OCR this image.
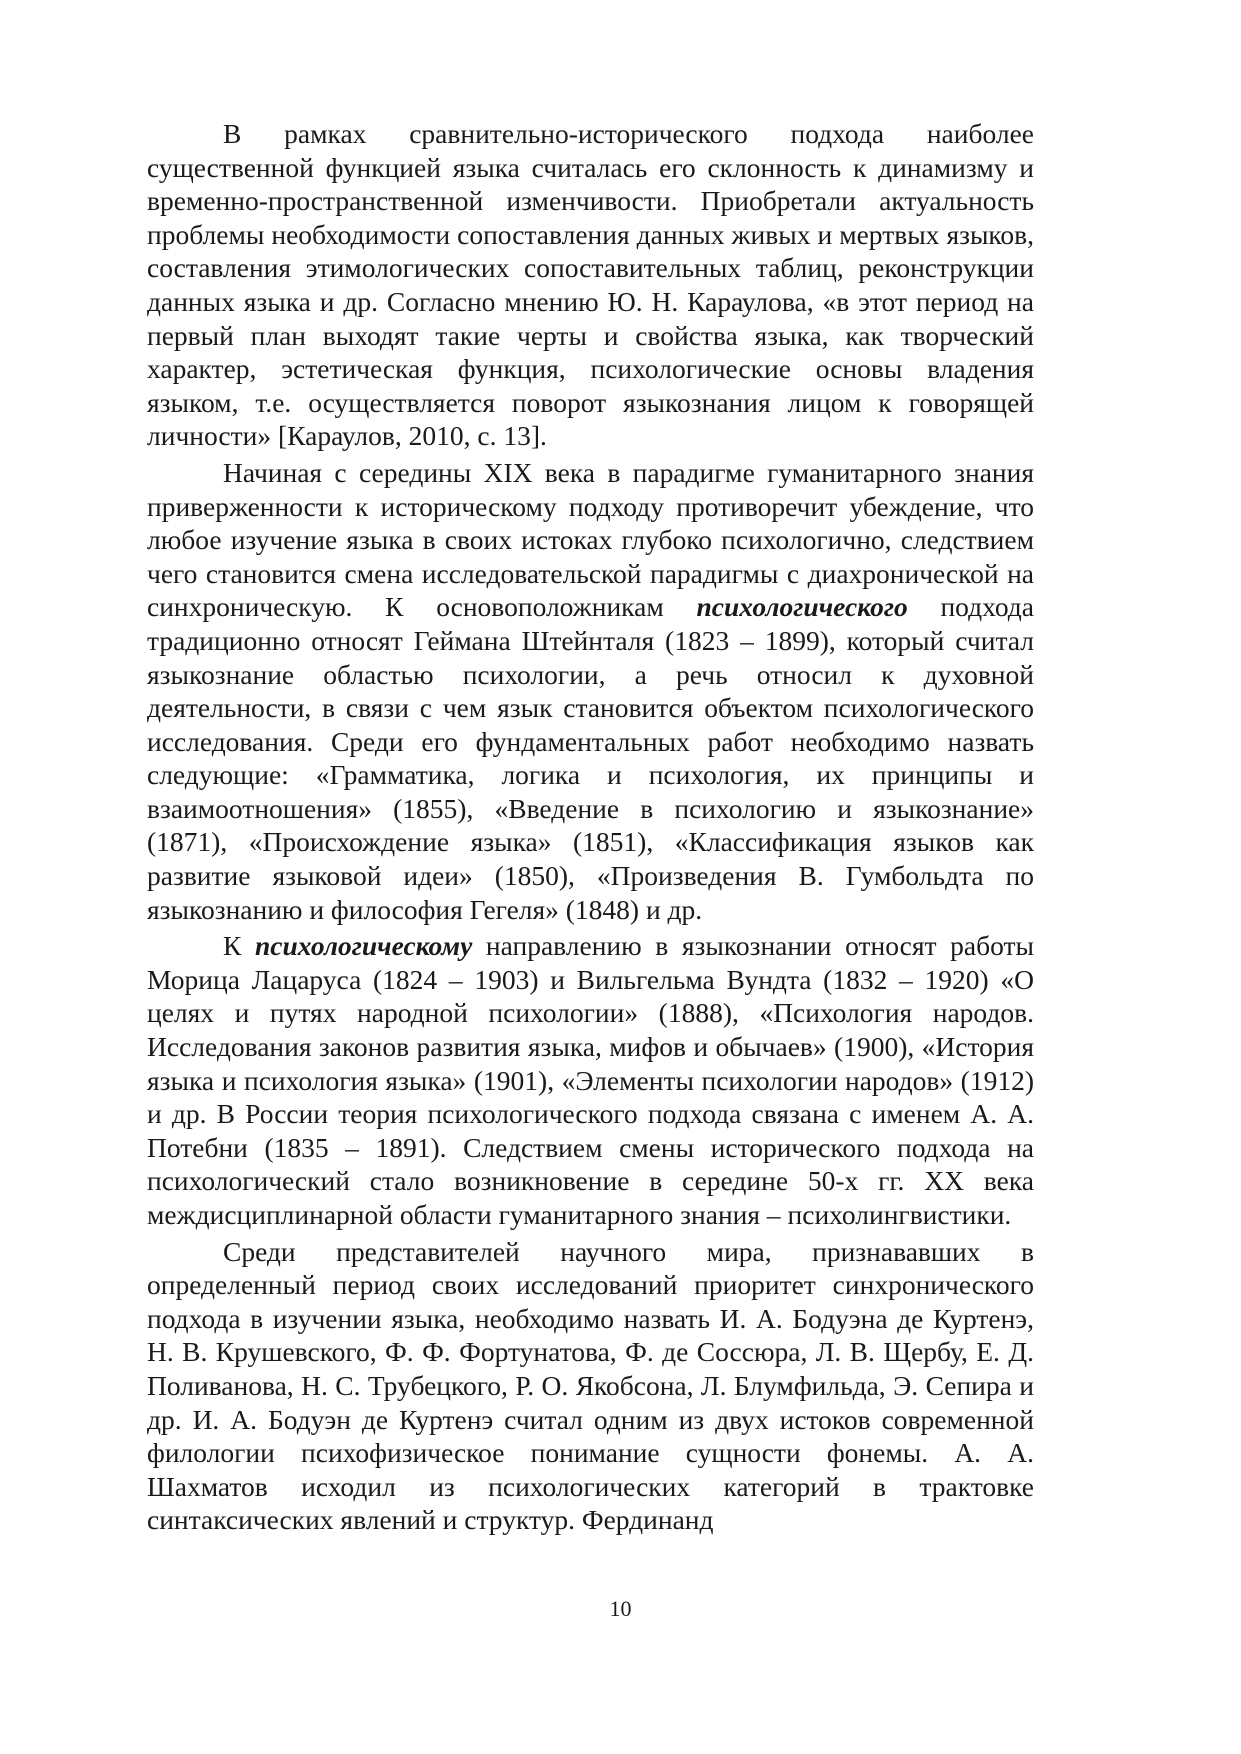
В рамках сравнительно-исторического подхода наиболее существенной функцией языка считалась его склонность к динамизму и временно-пространственной изменчивости. Приобретали актуальность проблемы необходимости сопоставления данных живых и мертвых языков, составления этимологических сопоставительных таблиц, реконструкции данных языка и др. Согласно мнению Ю. Н. Караулова, «в этот период на первый план выходят такие черты и свойства языка, как творческий характер, эстетическая функция, психологические основы владения языком, т.е. осуществляется поворот языкознания лицом к говорящей личности» [Караулов, 2010, с. 13].

Начиная с середины XIX века в парадигме гуманитарного знания приверженности к историческому подходу противоречит убеждение, что любое изучение языка в своих истоках глубоко психологично, следствием чего становится смена исследовательской парадигмы с диахронической на синхроническую. К основоположникам психологического подхода традиционно относят Геймана Штейнталя (1823 – 1899), который считал языкознание областью психологии, а речь относил к духовной деятельности, в связи с чем язык становится объектом психологического исследования. Среди его фундаментальных работ необходимо назвать следующие: «Грамматика, логика и психология, их принципы и взаимоотношения» (1855), «Введение в психологию и языкознание» (1871), «Происхождение языка» (1851), «Классификация языков как развитие языковой идеи» (1850), «Произведения В. Гумбольдта по языкознанию и философия Гегеля» (1848) и др.

К психологическому направлению в языкознании относят работы Морица Лацаруса (1824 – 1903) и Вильгельма Вундта (1832 – 1920) «О целях и путях народной психологии» (1888), «Психология народов. Исследования законов развития языка, мифов и обычаев» (1900), «История языка и психология языка» (1901), «Элементы психологии народов» (1912) и др. В России теория психологического подхода связана с именем А. А. Потебни (1835 – 1891). Следствием смены исторического подхода на психологический стало возникновение в середине 50-х гг. XX века междисциплинарной области гуманитарного знания – психолингвистики.

Среди представителей научного мира, признававших в определенный период своих исследований приоритет синхронического подхода в изучении языка, необходимо назвать И. А. Бодуэна де Куртенэ, Н. В. Крушевского, Ф. Ф. Фортунатова, Ф. де Соссюра, Л. В. Щербу, Е. Д. Поливанова, Н. С. Трубецкого, Р. О. Якобсона, Л. Блумфильда, Э. Сепира и др. И. А. Бодуэн де Куртенэ считал одним из двух истоков современной филологии психофизическое понимание сущности фонемы. А. А. Шахматов исходил из психологических категорий в трактовке синтаксических явлений и структур. Фердинанд

10
